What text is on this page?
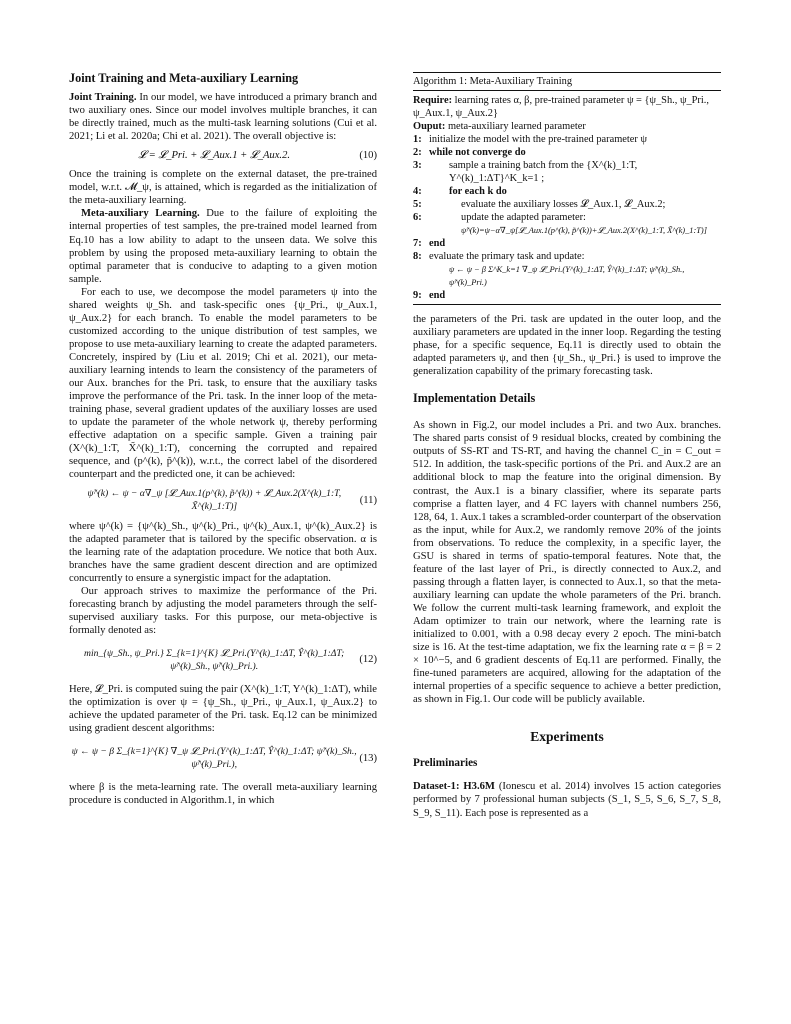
Joint Training and Meta-auxiliary Learning

Joint Training. In our model, we have introduced a primary branch and two auxiliary ones. Since our model involves multiple branches, it can be directly trained, much as the multi-task learning solutions (Cui et al. 2021; Li et al. 2020a; Chi et al. 2021). The overall objective is:

𝓛 = 𝓛_Pri. + 𝓛_Aux.1 + 𝓛_Aux.2.	(10)

Once the training is complete on the external dataset, the pre-trained model, w.r.t. 𝓜_ψ, is attained, which is regarded as the initialization of the meta-auxiliary learning.

Meta-auxiliary Learning. Due to the failure of exploiting the internal properties of test samples, the pre-trained model learned from Eq.10 has a low ability to adapt to the unseen data. We solve this problem by using the proposed meta-auxiliary learning to obtain the optimal parameter that is conducive to adapting to a given motion sample.

For each to use, we decompose the model parameters ψ into the shared weights ψ_Sh. and task-specific ones {ψ_Pri., ψ_Aux.1, ψ_Aux.2} for each branch. To enable the model parameters to be customized according to the unique distribution of test samples, we propose to use meta-auxiliary learning to create the adapted parameters. Concretely, inspired by (Liu et al. 2019; Chi et al. 2021), our meta-auxiliary learning intends to learn the consistency of the parameters of our Aux. branches for the Pri. task, to ensure that the auxiliary tasks improve the performance of the Pri. task. In the inner loop of the meta-training phase, several gradient updates of the auxiliary losses are used to update the parameter of the whole network ψ, thereby performing effective adaptation on a specific sample. Given a training pair (X^(k)_1:T, X̃^(k)_1:T), concerning the corrupted and repaired sequence, and (p^(k), p̃^(k)), w.r.t., the correct label of the disordered counterpart and the predicted one, it can be achieved:

ψ̃^(k) ← ψ − α∇_ψ [𝓛_Aux.1(p^(k), p̃^(k)) + 𝓛_Aux.2(X^(k)_1:T, X̃^(k)_1:T)]
(11)

where ψ^(k) = {ψ^(k)_Sh., ψ^(k)_Pri., ψ^(k)_Aux.1, ψ^(k)_Aux.2} is the adapted parameter that is tailored by the specific observation. α is the learning rate of the adaptation procedure. We notice that both Aux. branches have the same gradient descent direction and are optimized concurrently to ensure a synergistic impact for the adaptation.

Our approach strives to maximize the performance of the Pri. forecasting branch by adjusting the model parameters through the self-supervised auxiliary tasks. For this purpose, our meta-objective is formally denoted as:

min_{ψ_Sh., ψ_Pri.} Σ_{k=1}^{K} 𝓛_Pri.(Y^(k)_1:ΔT, Ŷ^(k)_1:ΔT; ψ̃^(k)_Sh., ψ̃^(k)_Pri.).
(12)

Here, 𝓛_Pri. is computed suing the pair (X^(k)_1:T, Y^(k)_1:ΔT), while the optimization is over ψ = {ψ_Sh., ψ_Pri., ψ_Aux.1, ψ_Aux.2} to achieve the updated parameter of the Pri. task. Eq.12 can be minimized using gradient descent algorithms:

ψ ← ψ − β Σ_{k=1}^{K} ∇_ψ 𝓛_Pri.(Y^(k)_1:ΔT, Ŷ^(k)_1:ΔT; ψ̃^(k)_Sh., ψ̃^(k)_Pri.),
(13)

where β is the meta-learning rate. The overall meta-auxiliary learning procedure is conducted in Algorithm.1, in which

Algorithm 1: Meta-Auxiliary Training
Require: learning rates α, β, pre-trained parameter ψ = {ψ_Sh., ψ_Pri., ψ_Aux.1, ψ_Aux.2}
Ouput: meta-auxiliary learned parameter
1: initialize the model with the pre-trained parameter ψ
2: while not converge do
3:	sample a training batch from the {X^(k)_1:T, Y^(k)_1:ΔT}^K_k=1 ;
4:	for each k do
5:	evaluate the auxiliary losses 𝓛_Aux.1, 𝓛_Aux.2;
6:	update the adapted parameter:
ψ̃^(k)=ψ−α∇_ψ[𝓛_Aux.1(p^(k), p̃^(k))+𝓛_Aux.2(X^(k)_1:T, X̃^(k)_1:T)]
7: end
8: evaluate the primary task and update:
ψ ← ψ − β Σ^K_k=1 ∇_ψ 𝓛_Pri.(Y^(k)_1:ΔT, Ŷ^(k)_1:ΔT; ψ̃^(k)_Sh., ψ̃^(k)_Pri.)
9: end

the parameters of the Pri. task are updated in the outer loop, and the auxiliary parameters are updated in the inner loop. Regarding the testing phase, for a specific sequence, Eq.11 is directly used to obtain the adapted parameters ψ, and then {ψ_Sh., ψ_Pri.} is used to improve the generalization capability of the primary forecasting task.

Implementation Details

As shown in Fig.2, our model includes a Pri. and two Aux. branches. The shared parts consist of 9 residual blocks, created by combining the outputs of SS-RT and TS-RT, and having the channel C_in = C_out = 512. In addition, the task-specific portions of the Pri. and Aux.2 are an additional block to map the feature into the original dimension. By contrast, the Aux.1 is a binary classifier, where its separate parts comprise a flatten layer, and 4 FC layers with channel numbers 256, 128, 64, 1. Aux.1 takes a scrambled-order counterpart of the observation as the input, while for Aux.2, we randomly remove 20% of the joints from observations. To reduce the complexity, in a specific layer, the GSU is shared in terms of spatio-temporal features. Note that, the feature of the last layer of Pri., is directly connected to Aux.2, and passing through a flatten layer, is connected to Aux.1, so that the meta-auxiliary learning can update the whole parameters of the Pri. branch. We follow the current multi-task learning framework, and exploit the Adam optimizer to train our network, where the learning rate is initialized to 0.001, with a 0.98 decay every 2 epoch. The mini-batch size is 16. At the test-time adaptation, we fix the learning rate α = β = 2 × 10^−5, and 6 gradient descents of Eq.11 are performed. Finally, the fine-tuned parameters are acquired, allowing for the adaptation of the internal properties of a specific sequence to achieve a better prediction, as shown in Fig.1. Our code will be publicly available.

Experiments
Preliminaries

Dataset-1: H3.6M (Ionescu et al. 2014) involves 15 action categories performed by 7 professional human subjects (S_1, S_5, S_6, S_7, S_8, S_9, S_11). Each pose is represented as a
